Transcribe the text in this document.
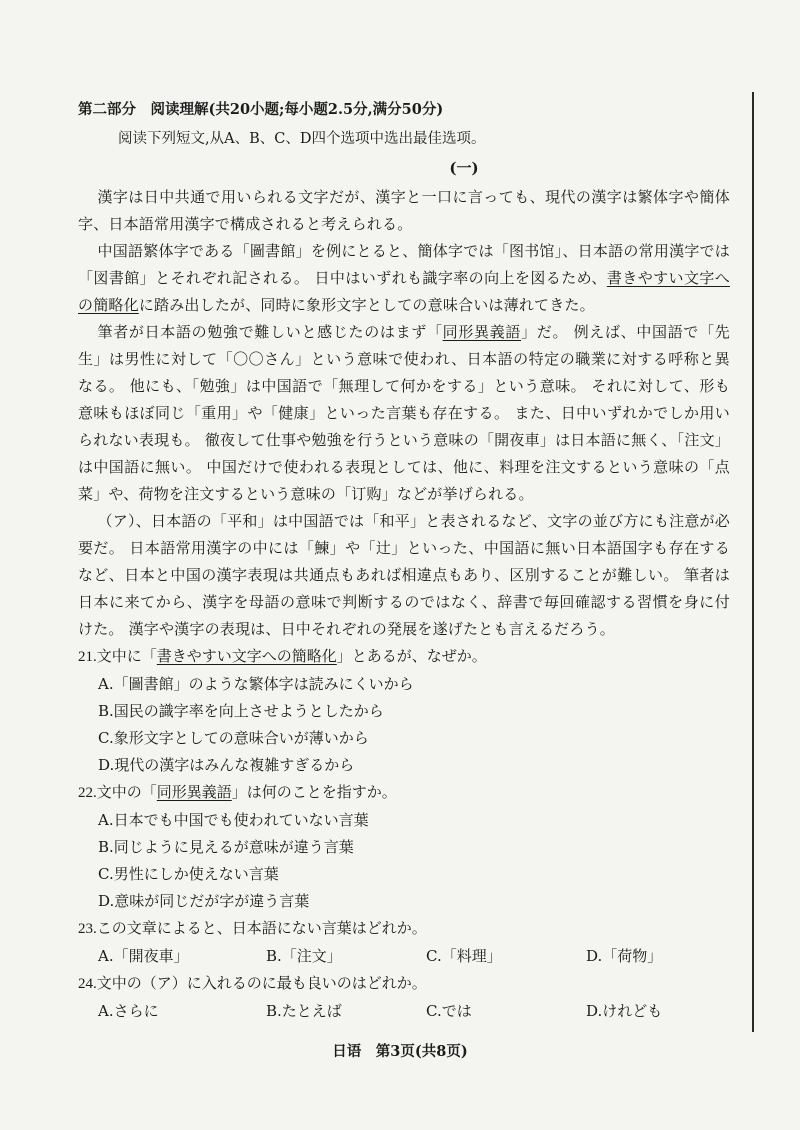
第二部分　阅读理解(共20小题;每小题2.5分,满分50分)

阅读下列短文,从A、B、C、D四个选项中选出最佳选项。

(一)

漢字は日中共通で用いられる文字だが、漢字と一口に言っても、現代の漢字は繁体字や簡体字、日本語常用漢字で構成されると考えられる。

中国語繁体字である「圖書館」を例にとると、簡体字では「图书馆」、日本語の常用漢字では「図書館」とそれぞれ記される。 日中はいずれも識字率の向上を図るため、書きやすい文字への簡略化に踏み出したが、同時に象形文字としての意味合いは薄れてきた。

筆者が日本語の勉強で難しいと感じたのはまず「同形異義語」だ。 例えば、中国語で「先生」は男性に対して「〇〇さん」という意味で使われ、日本語の特定の職業に対する呼称と異なる。 他にも、「勉強」は中国語で「無理して何かをする」という意味。 それに対して、形も意味もほぼ同じ「重用」や「健康」といった言葉も存在する。 また、日中いずれかでしか用いられない表現も。 徹夜して仕事や勉強を行うという意味の「開夜車」は日本語に無く、「注文」は中国語に無い。 中国だけで使われる表現としては、他に、料理を注文するという意味の「点菜」や、荷物を注文するという意味の「订购」などが挙げられる。

（ア）、日本語の「平和」は中国語では「和平」と表されるなど、文字の並び方にも注意が必要だ。 日本語常用漢字の中には「鰊」や「辻」といった、中国語に無い日本語国字も存在するなど、日本と中国の漢字表現は共通点もあれば相違点もあり、区別することが難しい。 筆者は日本に来てから、漢字を母語の意味で判断するのではなく、辞書で毎回確認する習慣を身に付けた。 漢字や漢字の表現は、日中それぞれの発展を遂げたとも言えるだろう。

21.文中に「書きやすい文字への簡略化」とあるが、なぜか。

A.「圖書館」のような繁体字は読みにくいから

B.国民の識字率を向上させようとしたから

C.象形文字としての意味合いが薄いから

D.現代の漢字はみんな複雑すぎるから

22.文中の「同形異義語」は何のことを指すか。

A.日本でも中国でも使われていない言葉

B.同じように見えるが意味が違う言葉

C.男性にしか使えない言葉

D.意味が同じだが字が違う言葉

23.この文章によると、日本語にない言葉はどれか。

A.「開夜車」	B.「注文」	C.「料理」	D.「荷物」

24.文中の（ア）に入れるのに最も良いのはどれか。

A.さらに	B.たとえば	C.では	D.けれども

日语　第3页(共8页)
